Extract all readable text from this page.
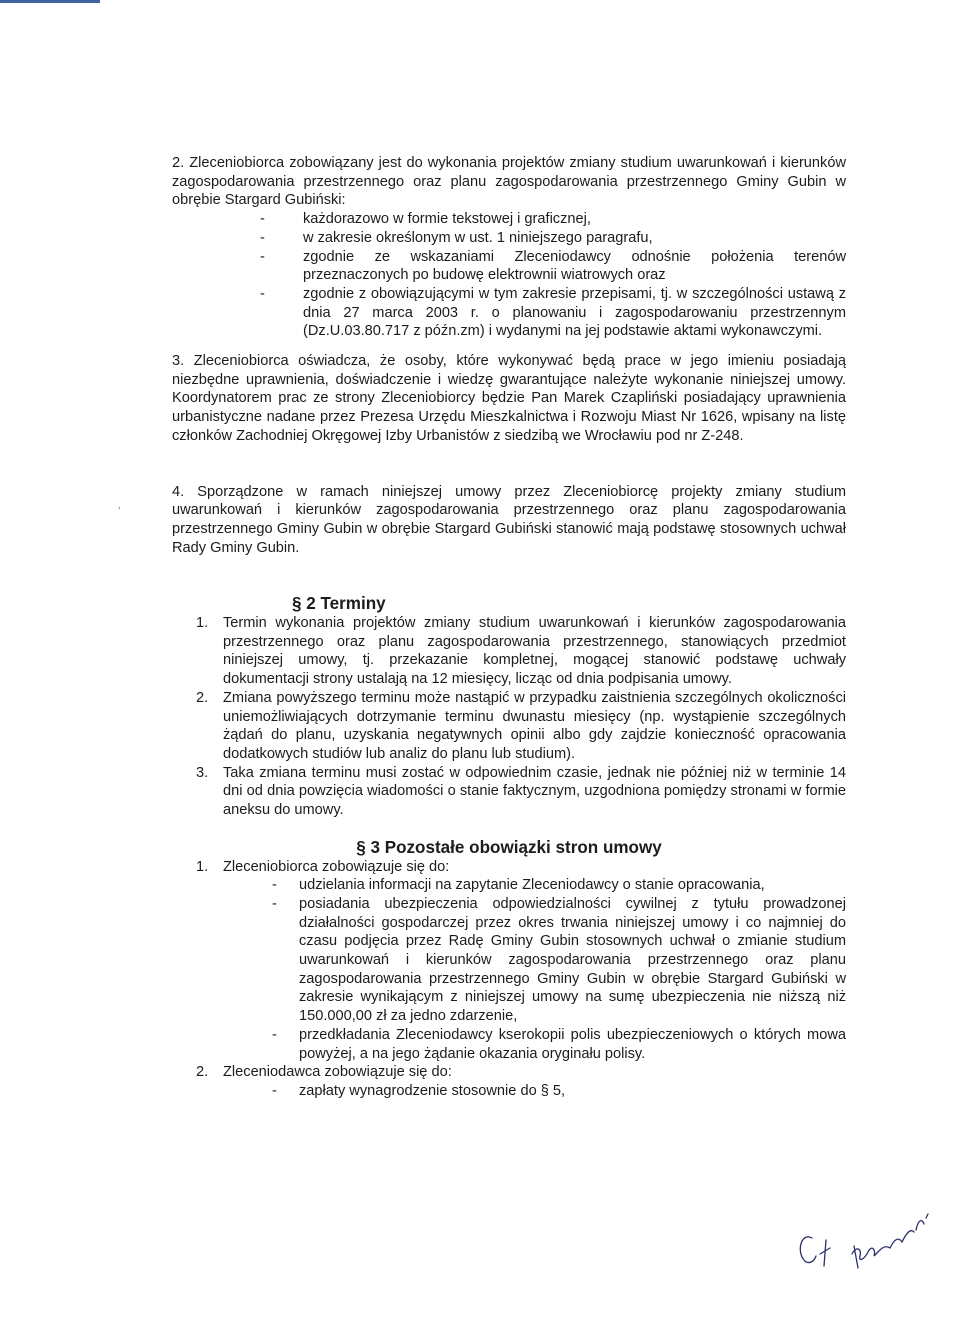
ʼ

2. Zleceniobiorca zobowiązany jest do wykonania projektów zmiany studium uwarunkowań i kierunków zagospodarowania przestrzennego oraz planu zagospodarowania przestrzennego Gminy Gubin w obrębie Stargard Gubiński:

- każdorazowo w formie tekstowej i graficznej,
- w zakresie określonym w ust. 1 niniejszego paragrafu,
- zgodnie ze wskazaniami Zleceniodawcy odnośnie położenia terenów przeznaczonych po budowę elektrownii wiatrowych oraz
- zgodnie z obowiązującymi w tym zakresie przepisami, tj. w szczególności ustawą z dnia 27 marca 2003 r. o planowaniu i zagospodarowaniu przestrzennym (Dz.U.03.80.717 z późn.zm) i wydanymi na jej podstawie aktami wykonawczymi.

3. Zleceniobiorca oświadcza, że osoby, które wykonywać będą prace w jego imieniu posiadają niezbędne uprawnienia, doświadczenie i wiedzę gwarantujące należyte wykonanie niniejszej umowy. Koordynatorem prac ze strony Zleceniobiorcy będzie Pan Marek Czapliński posiadający uprawnienia urbanistyczne nadane przez Prezesa Urzędu Mieszkalnictwa i Rozwoju Miast Nr 1626, wpisany na listę członków Zachodniej Okręgowej Izby Urbanistów z siedzibą we Wrocławiu pod nr Z-248.

4. Sporządzone w ramach niniejszej umowy przez Zleceniobiorcę projekty zmiany studium uwarunkowań i kierunków zagospodarowania przestrzennego oraz planu zagospodarowania przestrzennego Gminy Gubin w obrębie Stargard Gubiński stanowić mają podstawę stosownych uchwał Rady Gminy Gubin.

§ 2 Terminy
1. Termin wykonania projektów zmiany studium uwarunkowań i kierunków zagospodarowania przestrzennego oraz planu zagospodarowania przestrzennego, stanowiących przedmiot niniejszej umowy, tj. przekazanie kompletnej, mogącej stanowić podstawę uchwały dokumentacji strony ustalają na 12 miesięcy, licząc od dnia podpisania umowy.
2. Zmiana powyższego terminu może nastąpić w przypadku zaistnienia szczególnych okoliczności uniemożliwiających dotrzymanie terminu dwunastu miesięcy (np. wystąpienie szczególnych żądań do planu, uzyskania negatywnych opinii albo gdy zajdzie konieczność opracowania dodatkowych studiów lub analiz do planu lub studium).
3. Taka zmiana terminu musi zostać w odpowiednim czasie, jednak nie później niż w terminie 14 dni od dnia powzięcia wiadomości o stanie faktycznym, uzgodniona pomiędzy stronami w formie aneksu do umowy.
§ 3 Pozostałe obowiązki stron umowy
1. Zleceniobiorca zobowiązuje się do:
- udzielania informacji na zapytanie Zleceniodawcy o stanie opracowania,
- posiadania ubezpieczenia odpowiedzialności cywilnej z tytułu prowadzonej działalności gospodarczej przez okres trwania niniejszej umowy i co najmniej do czasu podjęcia przez Radę Gminy Gubin stosownych uchwał o zmianie studium uwarunkowań i kierunków zagospodarowania przestrzennego oraz planu zagospodarowania przestrzennego Gminy Gubin w obrębie Stargard Gubiński w zakresie wynikającym z niniejszej umowy na sumę ubezpieczenia nie niższą niż 150.000,00 zł za jedno zdarzenie,
- przedkładania Zleceniodawcy kserokopii polis ubezpieczeniowych o których mowa powyżej, a na jego żądanie okazania oryginału polisy.
2. Zleceniodawca zobowiązuje się do:
- zapłaty wynagrodzenie stosownie do § 5,
